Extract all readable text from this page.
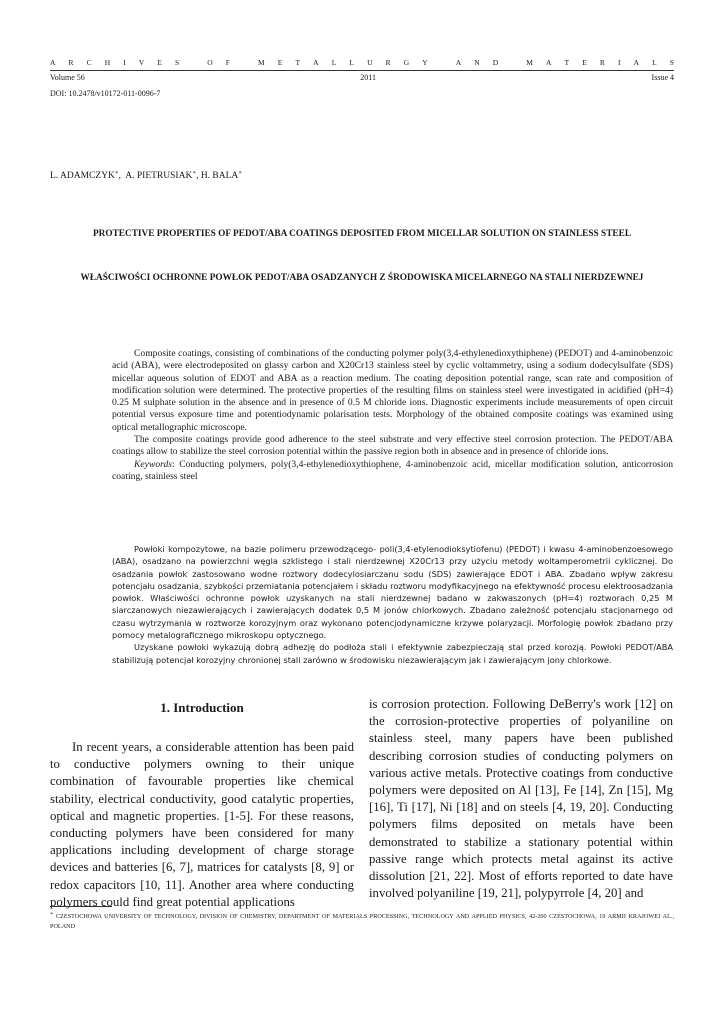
A R C H I V E S
	O F
	M E T A L L U R G Y
	A N D
	M A T E R I A L S
Volume 56	2011	Issue 4
DOI: 10.2478/v10172-011-0096-7
L. ADAMCZYK∗,  A. PIETRUSIAK∗, H. BALA∗
PROTECTIVE PROPERTIES OF PEDOT/ABA COATINGS DEPOSITED FROM MICELLAR SOLUTION ON STAINLESS STEEL
WŁAŚCIWOŚCI OCHRONNE POWŁOK PEDOT/ABA OSADZANYCH Z ŚRODOWISKA MICELARNEGO NA STALI NIERDZEWNEJ

Composite coatings, consisting of combinations of the conducting polymer poly(3,4-ethylenedioxythiphene) (PEDOT) and 4-aminobenzoic acid (ABA), were electrodeposited on glassy carbon and X20Cr13 stainless steel by cyclic voltammetry, using a sodium dodecylsulfate (SDS) micellar aqueous solution of EDOT and ABA as a reaction medium. The coating deposition potential range, scan rate and composition of modification solution were determined. The protective properties of the resulting films on stainless steel were investigated in acidified (pH=4) 0.25 M sulphate solution in the absence and in presence of 0.5 M chloride ions. Diagnostic experiments include measurements of open circuit potential versus exposure time and potentiodynamic polarisation tests. Morphology of the obtained composite coatings was examined using optical metallographic microscope.

The composite coatings provide good adherence to the steel substrate and very effective steel corrosion protection. The PEDOT/ABA coatings allow to stabilize the steel corrosion potential within the passive region both in absence and in presence of chloride ions.

Keywords: Conducting polymers, poly(3,4-ethylenedioxythiophene, 4-aminobenzoic acid, micellar modification solution, anticorrosion coating, stainless steel

Powłoki kompozytowe, na bazie polimeru przewodzącego- poli(3,4-etylenodioksytiofenu) (PEDOT) i kwasu 4-aminobenzoesowego (ABA), osadzano na powierzchni węgla szklistego i stali nierdzewnej X20Cr13 przy użyciu metody woltamperometrii cyklicznej. Do osadzania powłok zastosowano wodne roztwory dodecylosiarczanu sodu (SDS) zawierające EDOT i ABA. Zbadano wpływ zakresu potencjału osadzania, szybkości przemiatania potencjałem i składu roztworu modyfikacyjnego na efektywność procesu elektroosadzania powłok. Właściwości ochronne powłok uzyskanych na stali nierdzewnej badano w zakwaszonych (pH=4) roztworach 0,25 M siarczanowych niezawierających i zawierających dodatek 0,5 M jonów chlorkowych. Zbadano zależność potencjału stacjonarnego od czasu wytrzymania w roztworze korozyjnym oraz wykonano potencjodynamiczne krzywe polaryzacji. Morfologię powłok zbadano przy pomocy metalograficznego mikroskopu optycznego.

Uzyskane powłoki wykazują dobrą adhezję do podłoża stali i efektywnie zabezpieczają stal przed korozją. Powłoki PEDOT/ABA stabilizują potencjał korozyjny chronionej stali zarówno w środowisku niezawierającym jak i zawierającym jony chlorkowe.

1. Introduction

In recent years, a considerable attention has been paid to conductive polymers owning to their unique combination of favourable properties like chemical stability, electrical conductivity, good catalytic properties, optical and magnetic properties. [1-5]. For these reasons, conducting polymers have been considered for many applications including development of charge storage devices and batteries [6, 7], matrices for catalysts [8, 9] or redox capacitors [10, 11]. Another area where conducting polymers could find great potential applications

is corrosion protection. Following DeBerry's work [12] on the corrosion-protective properties of polyaniline on stainless steel, many papers have been published describing corrosion studies of conducting polymers on various active metals. Protective coatings from conductive polymers were deposited on Al [13], Fe [14], Zn [15], Mg [16], Ti [17], Ni [18] and on steels [4, 19, 20]. Conducting polymers films deposited on metals have been demonstrated to stabilize a stationary potential within passive range which protects metal against its active dissolution [21, 22]. Most of efforts reported to date have involved polyaniline [19, 21], polypyrrole [4, 20] and

∗ CZESTOCHOWA UNIVERSITY OF TECHNOLOGY, DIVISION OF CHEMISTRY, DEPARTMENT OF MATERIALS PROCESSING, TECHNOLOGY AND APPLIED PHYSICS, 42-200 CZESTOCHOWA, 19 ARMII KRAJOWEJ AL., POLAND
